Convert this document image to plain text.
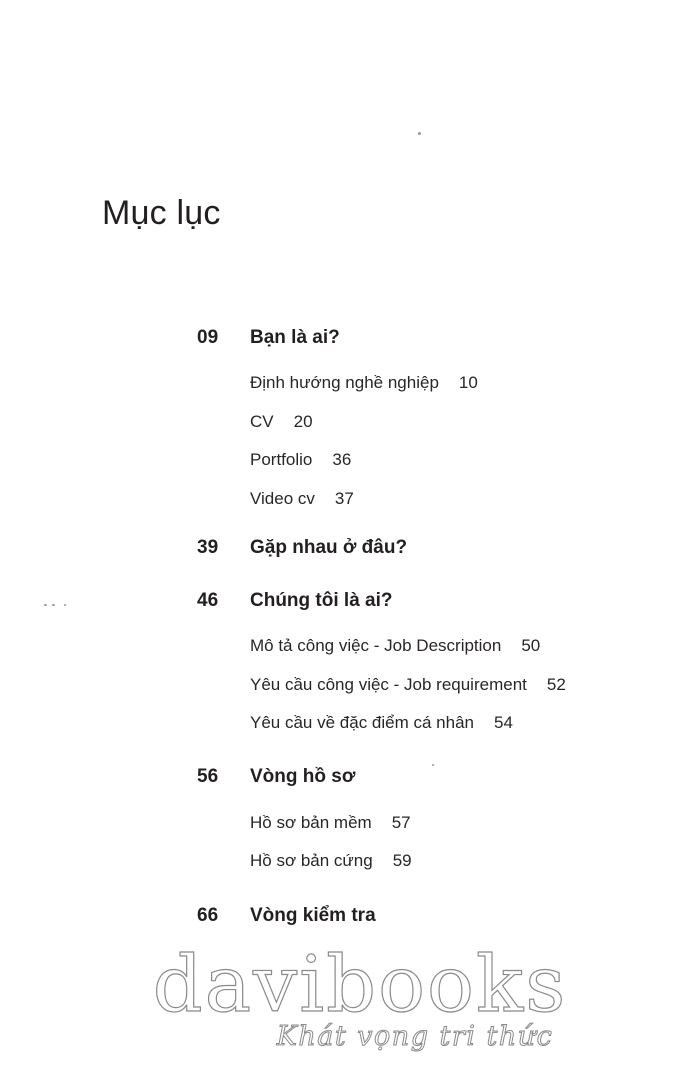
Mục lục
09	Bạn là ai?
Định hướng nghề nghiệp 10
CV 20
Portfolio 36
Video cv 37
39	Gặp nhau ở đâu?
46	Chúng tôi là ai?
Mô tả công việc - Job Description 50
Yêu cầu công việc - Job requirement 52
Yêu cầu về đặc điểm cá nhân 54
56	Vòng hồ sơ
Hồ sơ bản mềm 57
Hồ sơ bản cứng 59
66	Vòng kiểm tra
davibooks
Khát vọng tri thức
